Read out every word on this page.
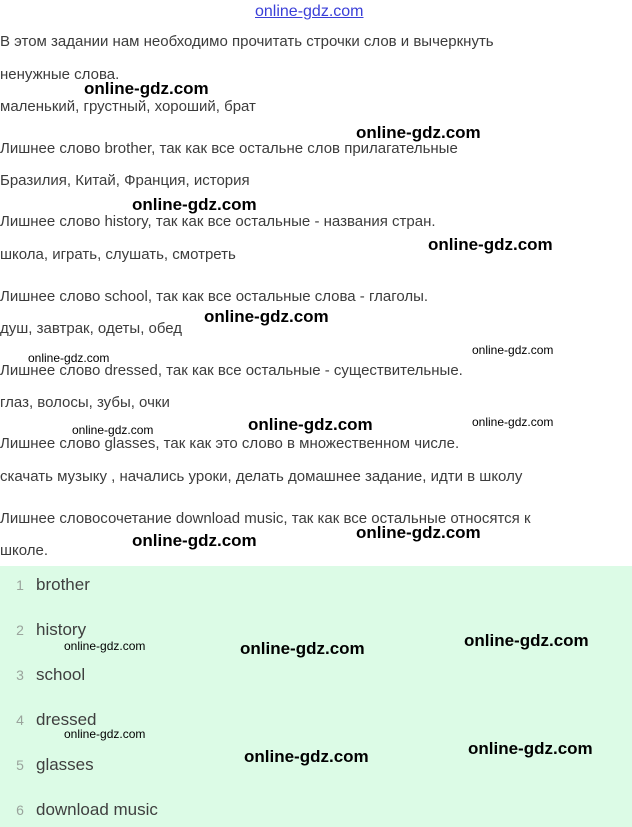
В этом задании нам необходимо прочитать строчки слов и вычеркнуть
ненужные слова.
маленький, грустный, хороший, брат
Лишнее слово brother, так как все остальне слов прилагательные
Бразилия, Китай, Франция, история
Лишнее слово history, так как все остальные - названия стран.
школа, играть, слушать, смотреть
Лишнее слово school, так как все остальные слова - глаголы.
душ, завтрак, одеты, обед
Лишнее слово dressed, так как все остальные - существительные.
глаз, волосы, зубы, очки
Лишнее слово glasses, так как это слово в множественном числе.
скачать музыку , начались уроки, делать домашнее задание, идти в школу
Лишнее словосочетание download music, так как все остальные относятся к
школе.
1 brother
2 history
3 school
4 dressed
5 glasses
6 download music
online-gdz.com
online-gdz.com
online-gdz.com
online-gdz.com
online-gdz.com
online-gdz.com
online-gdz.com
online-gdz.com
online-gdz.com
online-gdz.com
online-gdz.com
online-gdz.com	online-gdz.com
online-gdz.com	online-gdz.com	online-gdz.com
online-gdz.com
online-gdz.com	online-gdz.com
